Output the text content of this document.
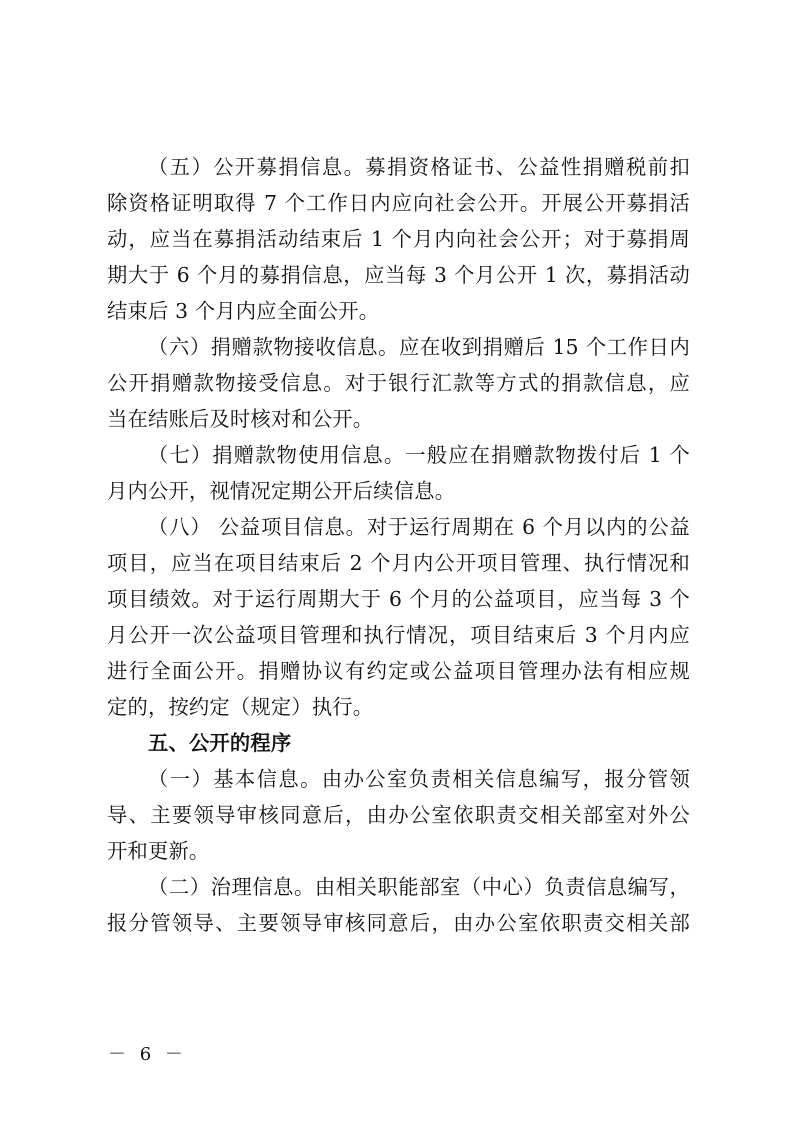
（五）公开募捐信息。募捐资格证书、公益性捐赠税前扣
除资格证明取得 7 个工作日内应向社会公开。开展公开募捐活
动，应当在募捐活动结束后 1 个月内向社会公开；对于募捐周
期大于 6 个月的募捐信息，应当每 3 个月公开 1 次，募捐活动
结束后 3 个月内应全面公开。
（六）捐赠款物接收信息。应在收到捐赠后 15 个工作日内
公开捐赠款物接受信息。对于银行汇款等方式的捐款信息，应
当在结账后及时核对和公开。
（七）捐赠款物使用信息。一般应在捐赠款物拨付后 1 个
月内公开，视情况定期公开后续信息。
（八） 公益项目信息。对于运行周期在 6 个月以内的公益
项目，应当在项目结束后 2 个月内公开项目管理、执行情况和
项目绩效。对于运行周期大于 6 个月的公益项目，应当每 3 个
月公开一次公益项目管理和执行情况，项目结束后 3 个月内应
进行全面公开。捐赠协议有约定或公益项目管理办法有相应规
定的，按约定（规定）执行。
五、公开的程序
（一）基本信息。由办公室负责相关信息编写，报分管领
导、主要领导审核同意后，由办公室依职责交相关部室对外公
开和更新。
（二）治理信息。由相关职能部室（中心）负责信息编写，
报分管领导、主要领导审核同意后，由办公室依职责交相关部
－ 6 －
